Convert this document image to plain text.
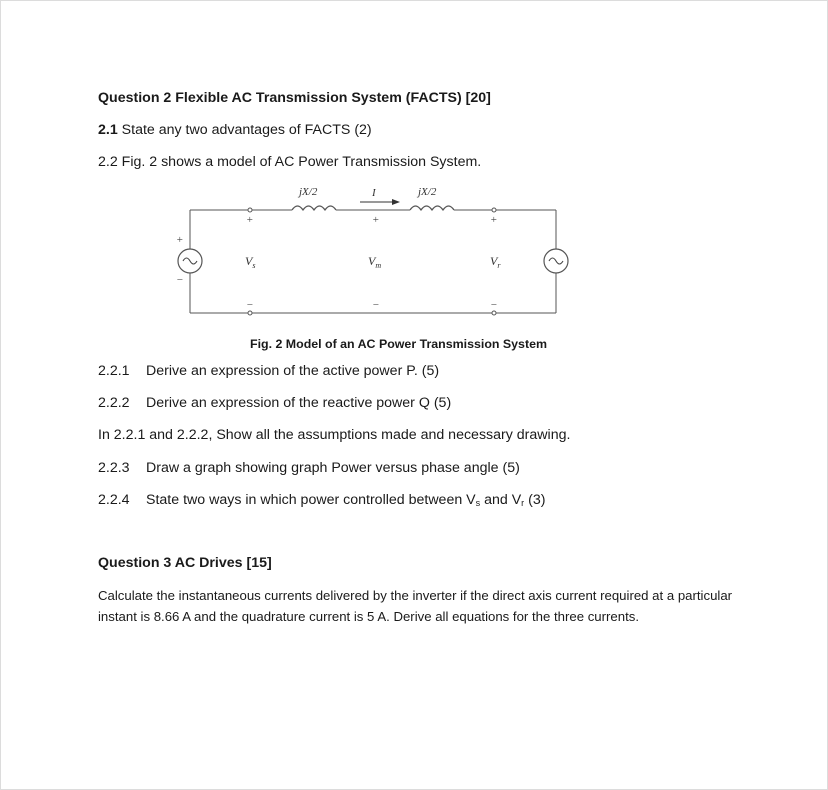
Question 2 Flexible AC Transmission System (FACTS) [20]
2.1 State any two advantages of FACTS (2)
2.2 Fig. 2 shows a model of AC Power Transmission System.
jX/2	jX/2
I
+
−
+
−
+
−
+
−
$V_s$	$V_m$	$V_r$
Fig. 2 Model of an AC Power Transmission System
2.2.1 Derive an expression of the active power P. (5)
2.2.2 Derive an expression of the reactive power Q (5)
In 2.2.1 and 2.2.2, Show all the assumptions made and necessary drawing.
2.2.3 Draw a graph showing graph Power versus phase angle (5)
2.2.4 State two ways in which power controlled between $V_s$ and $V_r$ (3)
Question 3 AC Drives [15]
Calculate the instantaneous currents delivered by the inverter if the direct axis current required at a particular instant is 8.66 A and the quadrature current is 5 A. Derive all equations for the three currents.
